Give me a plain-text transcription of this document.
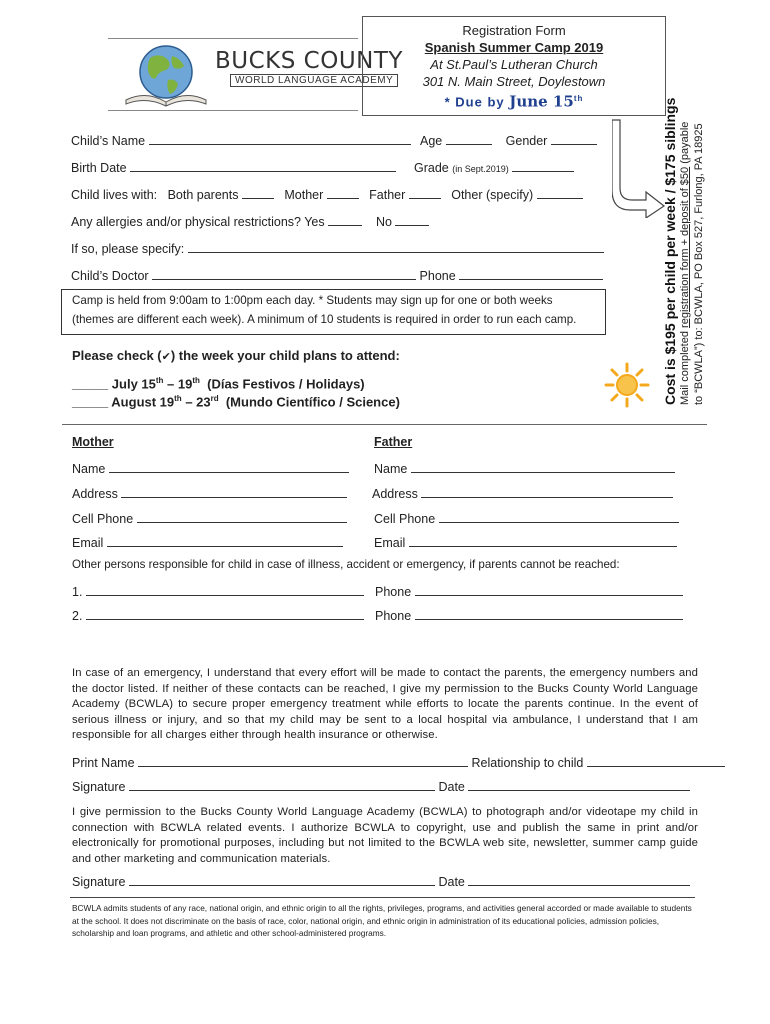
BUCKS COUNTY
WORLD LANGUAGE ACADEMY
Registration Form
Spanish Summer Camp 2019
At St.Paul’s Lutheran Church
301 N. Main Street, Doylestown
* Due by June 15th	Cost is $195 per child per week / $175 siblings Mail completed registration form + deposit of $50 (payable to “BCWLA”) to: BCWLA, PO Box 527, Furlong, PA 18925
Child’s Name	Age	Gender
Birth Date	Grade (in Sept.2019)
Child lives with: Both parents	Mother	Father	Other (specify)
Any allergies and/or physical restrictions? Yes	No
If so, please specify:
Child’s Doctor	Phone
Camp is held from 9:00am to 1:00pm each day. * Students may sign up for one or both weeks
(themes are different each week). A minimum of 10 students is required in order to run each camp.
Please check (✔) the week your child plans to attend:
_____ July 15th – 19th  (Días Festivos / Holidays)
_____ August 19th – 23rd  (Mundo Científico / Science)
Mother	Father
Name	Name
Address	Address
Cell Phone	Cell Phone
Email	Email
Other persons responsible for child in case of illness, accident or emergency, if parents cannot be reached:
1.	Phone
2.	Phone
In case of an emergency, I understand that every effort will be made to contact the parents, the emergency numbers and the doctor listed. If neither of these contacts can be reached, I give my permission to the Bucks County World Language Academy (BCWLA) to secure proper emergency treatment while efforts to locate the parents continue. In the event of serious illness or injury, and so that my child may be sent to a local hospital via ambulance, I understand that I am responsible for all charges either through health insurance or otherwise.
Print Name	Relationship to child
Signature	Date
I give permission to the Bucks County World Language Academy (BCWLA) to photograph and/or videotape my child in connection with BCWLA related events. I authorize BCWLA to copyright, use and publish the same in print and/or electronically for promotional purposes, including but not limited to the BCWLA web site, newsletter, summer camp guide and other marketing and communication materials.
Signature	Date
BCWLA admits students of any race, national origin, and ethnic origin to all the rights, privileges, programs, and activities general accorded or made available to students at the school. It does not discriminate on the basis of race, color, national origin, and ethnic origin in administration of its educational policies, admission policies, scholarship and loan programs, and athletic and other school-administered programs.
